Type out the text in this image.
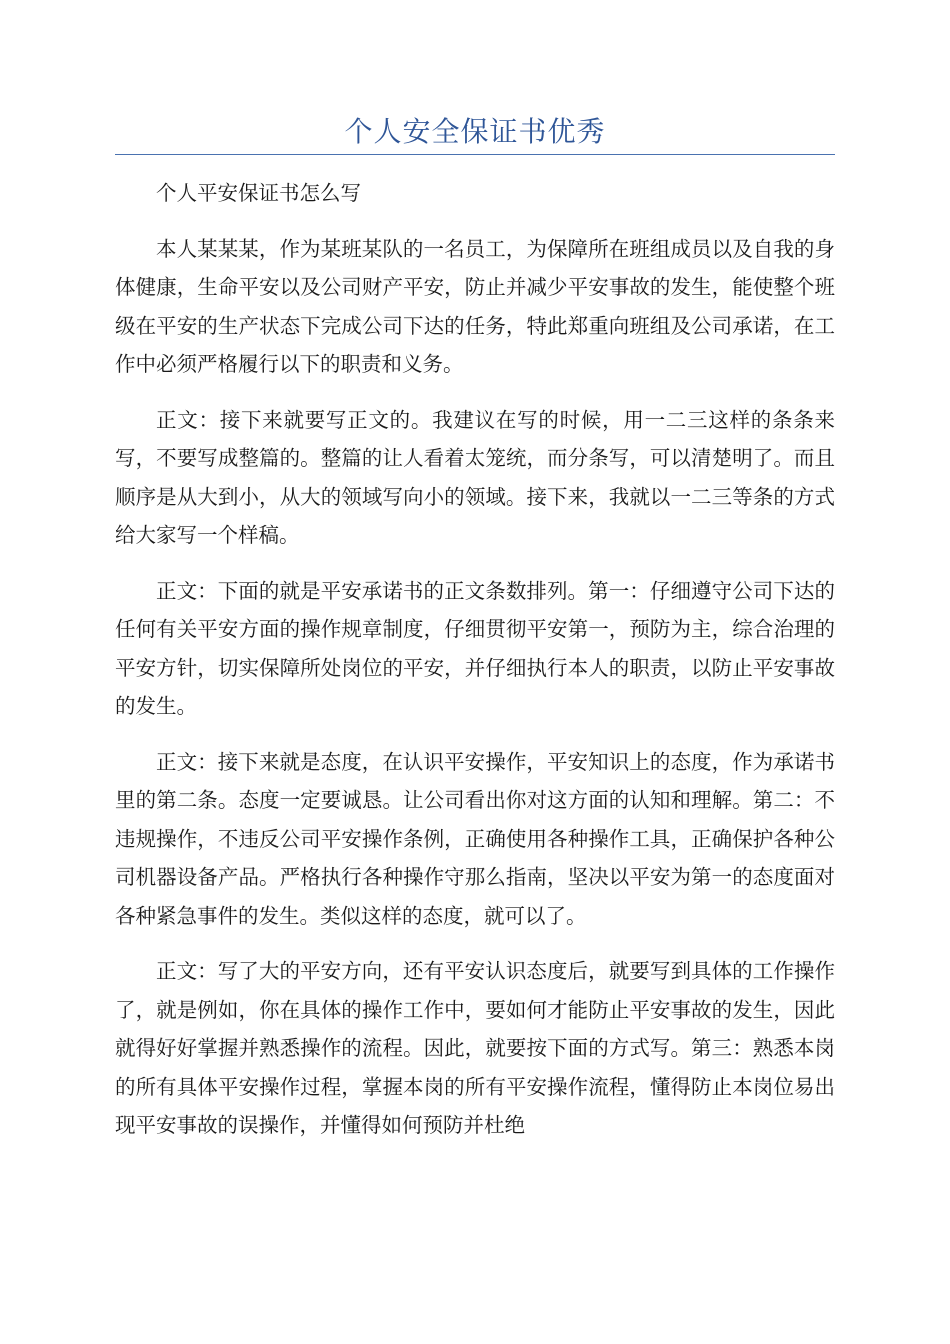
个人安全保证书优秀

个人平安保证书怎么写

本人某某某，作为某班某队的一名员工，为保障所在班组成员以及自我的身体健康，生命平安以及公司财产平安，防止并减少平安事故的发生，能使整个班级在平安的生产状态下完成公司下达的任务，特此郑重向班组及公司承诺，在工作中必须严格履行以下的职责和义务。

正文：接下来就要写正文的。我建议在写的时候，用一二三这样的条条来写，不要写成整篇的。整篇的让人看着太笼统，而分条写，可以清楚明了。而且顺序是从大到小，从大的领域写向小的领域。接下来，我就以一二三等条的方式给大家写一个样稿。

正文：下面的就是平安承诺书的正文条数排列。第一：仔细遵守公司下达的任何有关平安方面的操作规章制度，仔细贯彻平安第一，预防为主，综合治理的平安方针，切实保障所处岗位的平安，并仔细执行本人的职责，以防止平安事故的发生。

正文：接下来就是态度，在认识平安操作，平安知识上的态度，作为承诺书里的第二条。态度一定要诚恳。让公司看出你对这方面的认知和理解。第二：不违规操作，不违反公司平安操作条例，正确使用各种操作工具，正确保护各种公司机器设备产品。严格执行各种操作守那么指南，坚决以平安为第一的态度面对各种紧急事件的发生。类似这样的态度，就可以了。

正文：写了大的平安方向，还有平安认识态度后，就要写到具体的工作操作了，就是例如，你在具体的操作工作中，要如何才能防止平安事故的发生，因此就得好好掌握并熟悉操作的流程。因此，就要按下面的方式写。第三：熟悉本岗的所有具体平安操作过程，掌握本岗的所有平安操作流程，懂得防止本岗位易出现平安事故的误操作，并懂得如何预防并杜绝
